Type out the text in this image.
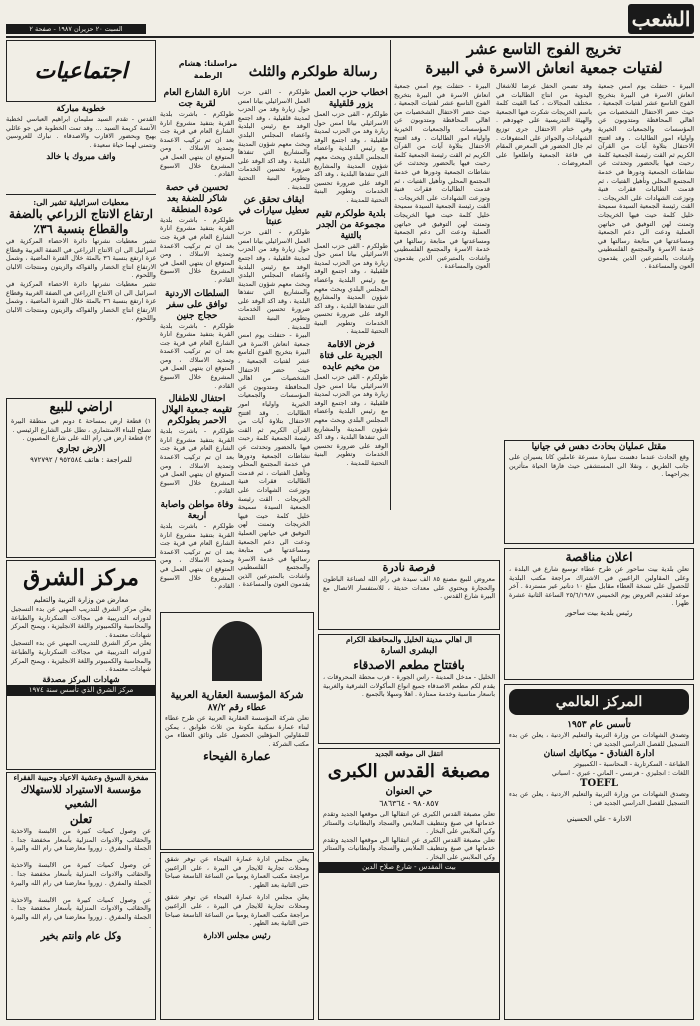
الشعب
السبت ٢٠ حزيران ١٩٨٧ - صفحة ٢
تخريج الفوج التاسع عشر
لفتيات جمعية انعاش الاسرة في البيرة
البيرة - حتفلت يوم امس جمعية انعاش الاسرة في البيرة بتخريج الفوج التاسع عشر لفتيات الجمعية ، حيث حضر الاحتفال الشخصيات من اهالي المحافظة ومتدوبون عن المؤسسات والجمعيات الخيرية واولياء امور الطالبات . وقد افتتح الاحتفال بتلاوة آيات من القرآن الكريم ثم القت رئيسة الجمعية كلمة رحبت فيها بالحضور وتحدثت عن نشاطات الجمعية ودورها في خدمة المجتمع المحلي وتأهيل الفتيات ، ثم قدمت الطالبات فقرات فنية وتوزعت الشهادات على الخريجات . القت رئيسة الجمعية السيدة سميحة خليل كلمة حيت فيها الخريجات وتمنت لهن التوفيق في حياتهن العملية ودعت الى دعم الجمعية ومساعدتها في متابعة رسالتها في خدمة الاسرة والمجتمع الفلسطيني واشادت بالمتبرعين الذين يقدمون العون والمساعدة .
وقد تضمن الحفل عرضا للاشغال اليدوية من انتاج الطالبات في مختلف المجالات ، كما القيت كلمة باسم الخريجات شكرت فيها الجمعية والهيئة التدريسية على جهودهم . وفي ختام الاحتفال جرى توزيع الشهادات والجوائز على المتفوقات . ثم جال الحضور في المعرض المقام في قاعة الجمعية واطلعوا على المعروضات .
البيرة - حتفلت يوم امس جمعية انعاش الاسرة في البيرة بتخريج الفوج التاسع عشر لفتيات الجمعية ، حيث حضر الاحتفال الشخصيات من اهالي المحافظة ومتدوبون عن المؤسسات والجمعيات الخيرية واولياء امور الطالبات . وقد افتتح الاحتفال بتلاوة آيات من القرآن الكريم ثم القت رئيسة الجمعية كلمة رحبت فيها بالحضور وتحدثت عن نشاطات الجمعية ودورها في خدمة المجتمع المحلي وتأهيل الفتيات ، ثم قدمت الطالبات فقرات فنية وتوزعت الشهادات على الخريجات . القت رئيسة الجمعية السيدة سميحة خليل كلمة حيت فيها الخريجات وتمنت لهن التوفيق في حياتهن العملية ودعت الى دعم الجمعية ومساعدتها في متابعة رسالتها في خدمة الاسرة والمجتمع الفلسطيني واشادت بالمتبرعين الذين يقدمون العون والمساعدة .
رسالة طولكرم والثلث
مراسلنا: هشام الرطمة
اخطاب حزب العمل يزور قلقيلية
طولكرم - القى حزب العمل الاسرائيلي بيانا امس حول زيارة وفد من الحزب لمدينة قلقيلية ، وقد اجتمع الوفد مع رئيس البلدية واعضاء المجلس البلدي وبحث معهم شؤون المدينة والمشاريع التي تنفذها البلدية ، وقد اكد الوفد على ضرورة تحسين الخدمات وتطوير البنية التحتية للمدينة .
بلدية طولكرم تقيم مجموعة من الجدر بالتنية
طولكرم - القى حزب العمل الاسرائيلي بيانا امس حول زيارة وفد من الحزب لمدينة قلقيلية ، وقد اجتمع الوفد مع رئيس البلدية واعضاء المجلس البلدي وبحث معهم شؤون المدينة والمشاريع التي تنفذها البلدية ، وقد اكد الوفد على ضرورة تحسين الخدمات وتطوير البنية التحتية للمدينة .
فرض الاقامة الجبرية على فتاة من مخيم عايده
طولكرم - القى حزب العمل الاسرائيلي بيانا امس حول زيارة وفد من الحزب لمدينة قلقيلية ، وقد اجتمع الوفد مع رئيس البلدية واعضاء المجلس البلدي وبحث معهم شؤون المدينة والمشاريع التي تنفذها البلدية ، وقد اكد الوفد على ضرورة تحسين الخدمات وتطوير البنية التحتية للمدينة .
طولكرم - القى حزب العمل الاسرائيلي بيانا امس حول زيارة وفد من الحزب لمدينة قلقيلية ، وقد اجتمع الوفد مع رئيس البلدية واعضاء المجلس البلدي وبحث معهم شؤون المدينة والمشاريع التي تنفذها البلدية ، وقد اكد الوفد على ضرورة تحسين الخدمات وتطوير البنية التحتية للمدينة .
ايقاف تحقق عن تعطيل سيارات في عنبتا
طولكرم - القى حزب العمل الاسرائيلي بيانا امس حول زيارة وفد من الحزب لمدينة قلقيلية ، وقد اجتمع الوفد مع رئيس البلدية واعضاء المجلس البلدي وبحث معهم شؤون المدينة والمشاريع التي تنفذها البلدية ، وقد اكد الوفد على ضرورة تحسين الخدمات وتطوير البنية التحتية للمدينة .
البيرة - حتفلت يوم امس جمعية انعاش الاسرة في البيرة بتخريج الفوج التاسع عشر لفتيات الجمعية ، حيث حضر الاحتفال الشخصيات من اهالي المحافظة ومتدوبون عن المؤسسات والجمعيات الخيرية واولياء امور الطالبات . وقد افتتح الاحتفال بتلاوة آيات من القرآن الكريم ثم القت رئيسة الجمعية كلمة رحبت فيها بالحضور وتحدثت عن نشاطات الجمعية ودورها في خدمة المجتمع المحلي وتأهيل الفتيات ، ثم قدمت الطالبات فقرات فنية وتوزعت الشهادات على الخريجات . القت رئيسة الجمعية السيدة سميحة خليل كلمة حيت فيها الخريجات وتمنت لهن التوفيق في حياتهن العملية ودعت الى دعم الجمعية ومساعدتها في متابعة رسالتها في خدمة الاسرة والمجتمع الفلسطيني واشادت بالمتبرعين الذين يقدمون العون والمساعدة .
انارة الشارع العام لقرية جت
طولكرم - باشرت بلدية القرية بتنفيذ مشروع انارة الشارع العام في قرية جت بعد ان تم تركيب الاعمدة وتمديد الاسلاك ، ومن المتوقع ان ينتهي العمل في المشروع خلال الاسبوع القادم .
تحسين في حصة شاكر للضفة بعد عودة المنطقة
طولكرم - باشرت بلدية القرية بتنفيذ مشروع انارة الشارع العام في قرية جت بعد ان تم تركيب الاعمدة وتمديد الاسلاك ، ومن المتوقع ان ينتهي العمل في المشروع خلال الاسبوع القادم .
السلطات الاردنية توافق على سفر حجاج جنين
طولكرم - باشرت بلدية القرية بتنفيذ مشروع انارة الشارع العام في قرية جت بعد ان تم تركيب الاعمدة وتمديد الاسلاك ، ومن المتوقع ان ينتهي العمل في المشروع خلال الاسبوع القادم .
احتفال للاطفال تقيمه جمعية الهلال الاحمر بطولكرم
طولكرم - باشرت بلدية القرية بتنفيذ مشروع انارة الشارع العام في قرية جت بعد ان تم تركيب الاعمدة وتمديد الاسلاك ، ومن المتوقع ان ينتهي العمل في المشروع خلال الاسبوع القادم .
وفاة مواطن واصابة اربعة
طولكرم - باشرت بلدية القرية بتنفيذ مشروع انارة الشارع العام في قرية جت بعد ان تم تركيب الاعمدة وتمديد الاسلاك ، ومن المتوقع ان ينتهي العمل في المشروع خلال الاسبوع القادم .
اجتماعيات
خطوبة مباركة
القدس - تقدم السيد سليمان ابراهيم العباسي لخطبة الآنسة كريمة السيد ... وقد تمت الخطوبة في جو عائلي بهيج وبحضور الاقارب والاصدقاء . نبارك للعروسين ونتمنى لهما حياة سعيدة .
واتف مبروك يا خالد
معطيات اسرائيلية تشير الى:
ارتفاع الانتاج الزراعي بالضفة والقطاع بنسبة ٣٦٪
تشير معطيات نشرتها دائرة الاحصاء المركزية في اسرائيل الى ان الانتاج الزراعي في الضفة الغربية وقطاع غزة ارتفع بنسبة ٣٦ بالمئة خلال الفترة الماضية ، وشمل الارتفاع انتاج الخضار والفواكه والزيتون ومنتجات الالبان واللحوم .
تشير معطيات نشرتها دائرة الاحصاء المركزية في اسرائيل الى ان الانتاج الزراعي في الضفة الغربية وقطاع غزة ارتفع بنسبة ٣٦ بالمئة خلال الفترة الماضية ، وشمل الارتفاع انتاج الخضار والفواكه والزيتون ومنتجات الالبان واللحوم .
اراضي للبيع
١) قطعة ارض بمساحة ٤ دونم في منطقة البيرة تصلح للبناء الاستثماري ، تطل على الشارع الرئيسي .
٢) قطعة ارض في رام الله على شارع المصيون .
الارض تجاري
للمراجعة : هاتف ٩٥٢٥٨٤ / ٩٧٢٧٩٢
مركز الشرق
معارض من وزارة التربية والتعليم
يعلن مركز الشرق للتدريب المهني عن بدء التسجيل لدوراته التدريبية في مجالات السكرتارية والطباعة والمحاسبة والكمبيوتر واللغة الانجليزية ، ويمنح المركز شهادات معتمدة .
يعلن مركز الشرق للتدريب المهني عن بدء التسجيل لدوراته التدريبية في مجالات السكرتارية والطباعة والمحاسبة والكمبيوتر واللغة الانجليزية ، ويمنح المركز شهادات معتمدة .
شهادات المركز مصدقة
مركز الشرق الذي تأسس سنة ١٩٧٤
مفخرة السوق وعشية الاعياد وحبيبة الفقراء
مؤسسة الاستيراد للاستهلاك الشعبي
تعلن
عن وصول كميات كبيرة من الالبسة والاحذية والحقائب والادوات المنزلية بأسعار مخفضة جدا . الجملة والمفرق . زوروا معارضنا في رام الله والبيرة .
عن وصول كميات كبيرة من الالبسة والاحذية والحقائب والادوات المنزلية بأسعار مخفضة جدا . الجملة والمفرق . زوروا معارضنا في رام الله والبيرة .
عن وصول كميات كبيرة من الالبسة والاحذية والحقائب والادوات المنزلية بأسعار مخفضة جدا . الجملة والمفرق . زوروا معارضنا في رام الله والبيرة .
وكل عام وانتم بخير
فرصة نادرة
معروض للبيع مصنع ٨٥ الف سيدة في رام الله لصناعة الباطون والحجارة ويحتوي على معدات حديثة ، للاستفسار الاتصال مع البيرة شارع القدس .
ال اهالي مدينة الخليل والمحافظة الكرام
البشرى السارة
بافتتاح مطعم الاصدقاء
الخليل - مدخل المدينة - راس الجورة - قرب محطة المحروقات ، يقدم لكم مطعم الاصدقاء جميع انواع المأكولات الشرقية والغربية باسعار مناسبة وخدمة ممتازة . اهلا وسهلا بالجميع .
شركة المؤسسة العقارية العربية
عطاء رقم ٨٧/٢
تعلن شركة المؤسسة العقارية العربية عن طرح عطاء لبناء عمارة سكنية مكونة من ثلاث طوابق ، يمكن للمقاولين المؤهلين الحصول على وثائق العطاء من مكتب الشركة .
عمارة الفيحاء
يعلن مجلس ادارة عمارة الفيحاء عن توفر شقق ومحلات تجارية للايجار في البيرة ، على الراغبين مراجعة مكتب العمارة يوميا من الساعة التاسعة صباحا حتى الثانية بعد الظهر .
يعلن مجلس ادارة عمارة الفيحاء عن توفر شقق ومحلات تجارية للايجار في البيرة ، على الراغبين مراجعة مكتب العمارة يوميا من الساعة التاسعة صباحا حتى الثانية بعد الظهر .
رئيس مجلس الادارة
انتقل الى موقعه الجديد
مصبغة القدس الكبرى
حي العنوان
٩٨٠٨٥٧ - ٦٨٦٣٦٤
تعلن مصبغة القدس الكبرى عن انتقالها الى موقعها الجديد وتقدم خدماتها في صبغ وتنظيف الملابس والسجاد والبطانيات والستائر وكي الملابس على البخار .
تعلن مصبغة القدس الكبرى عن انتقالها الى موقعها الجديد وتقدم خدماتها في صبغ وتنظيف الملابس والسجاد والبطانيات والستائر وكي الملابس على البخار .
بيت المقدس - شارع صلاح الدين
اعلان مناقصة
تعلن بلدية بيت ساحور عن طرح عطاء توسيع شارع في البلدة ، وعلى المقاولين الراغبين في الاشتراك مراجعة مكتب البلدية للحصول على نسخة العطاء مقابل مبلغ ١٠ دنانير غير مستردة . آخر موعد لتقديم العروض يوم الخميس ٢٥/٦/١٩٨٧ الساعة الثانية عشرة ظهرا .
رئيس بلدية بيت ساحور
المركز العالمي
تأسس عام ١٩٥٣
وتصدق الشهادات من وزارة التربية والتعليم الاردنية ، يعلن عن بدء التسجيل للفصل الدراسي الجديد في :
ادارة الفنادق - ميكانيك اسنان
الطباعة - السكرتارية - المحاسبة - الكمبيوتر
اللغات : انجليزي - فرنسي - الماني - عبري - اسباني
TOEFL
وتصدق الشهادات من وزارة التربية والتعليم الاردنية ، يعلن عن بدء التسجيل للفصل الدراسي الجديد في :
الادارة - علي الحسيني
مقتل عمليان بحادث دهس في جيانيا
وقع الحادث عندما دهست سيارة مسرعة عاملين كانا يسيران على جانب الطريق ، ونقلا الى المستشفى حيث فارقا الحياة متأثرين بجراحهما .
